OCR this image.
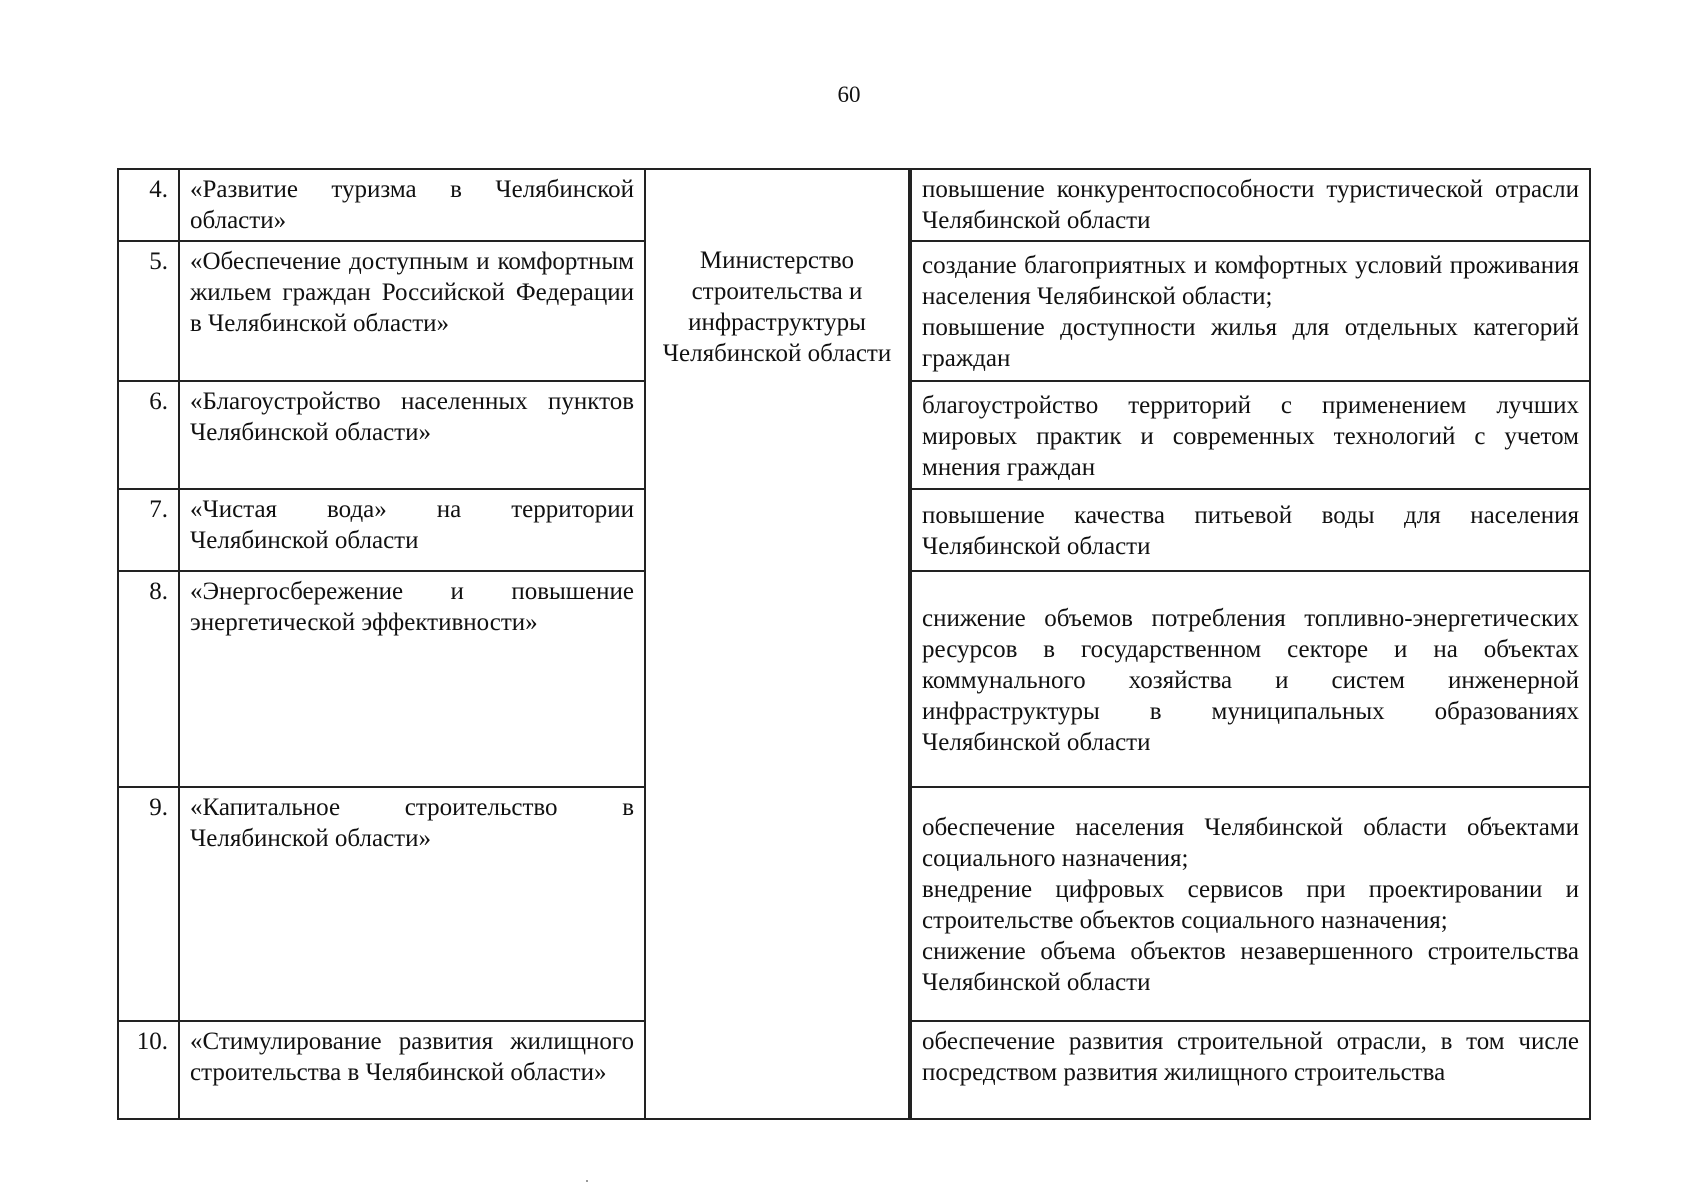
60
4.	«Развитие туризма в Челябинской области»			повышение конкурентоспособности туристической отрасли Челябинской области

5.	«Обеспечение доступным и комфортным жильем граждан Российской Федерации в Челябинской области»	Министерство строительства и инфраструктуры Челябинской области		создание благоприятных и комфортных условий проживания населения Челябинской области;
повышение доступности жилья для отдельных категорий граждан

6.	«Благоустройство населенных пунктов Челябинской области»			благоустройство территорий с применением лучших мировых практик и современных технологий с учетом мнения граждан

7.	«Чистая вода» на территории Челябинской области			повышение качества питьевой воды для населения Челябинской области

8.	«Энергосбережение и повышение энергетической эффективности»			снижение объемов потребления топливно-энергетических ресурсов в государственном секторе и на объектах коммунального хозяйства и систем инженерной инфраструктуры в муниципальных образованиях Челябинской области

9.	«Капитальное строительство в Челябинской области»			обеспечение населения Челябинской области объектами социального назначения;
внедрение цифровых сервисов при проектировании и строительстве объектов социального назначения;
снижение объема объектов незавершенного строительства Челябинской области

10.	«Стимулирование развития жилищного строительства в Челябинской области»			обеспечение развития строительной отрасли, в том числе посредством развития жилищного строительства
